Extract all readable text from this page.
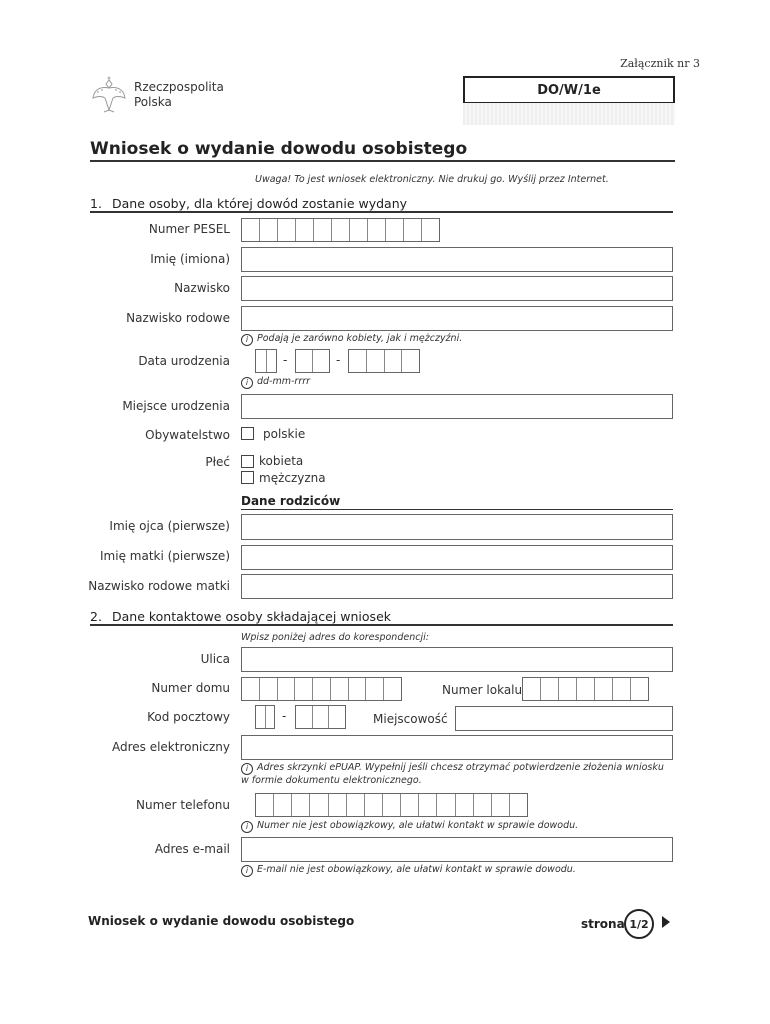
Załącznik nr 3
Rzeczpospolita
Polska
DO/W/1e
Wniosek o wydanie dowodu osobistego
Uwaga! To jest wniosek elektroniczny. Nie drukuj go. Wyślij przez Internet.
1. Dane osoby, dla której dowód zostanie wydany
Numer PESEL
Imię (imiona)
Nazwisko
Nazwisko rodowe
i Podają je zarówno kobiety, jak i mężczyźni.
Data urodzenia	-	-
i dd-mm-rrrr
Miejsce urodzenia
Obywatelstwo	polskie
Płeć kobieta
mężczyzna
Dane rodziców
Imię ojca (pierwsze)
Imię matki (pierwsze)
Nazwisko rodowe matki
2. Dane kontaktowe osoby składającej wniosek
Wpisz poniżej adres do korespondencji:
Ulica
Numer domu	Numer lokalu
Kod pocztowy	-	Miejscowość
Adres elektroniczny
i Adres skrzynki ePUAP. Wypełnij jeśli chcesz otrzymać potwierdzenie złożenia wniosku
w formie dokumentu elektronicznego.
Numer telefonu
i Numer nie jest obowiązkowy, ale ułatwi kontakt w sprawie dowodu.
Adres e-mail
i E-mail nie jest obowiązkowy, ale ułatwi kontakt w sprawie dowodu.
Wniosek o wydanie dowodu osobistego	strona 1/2
